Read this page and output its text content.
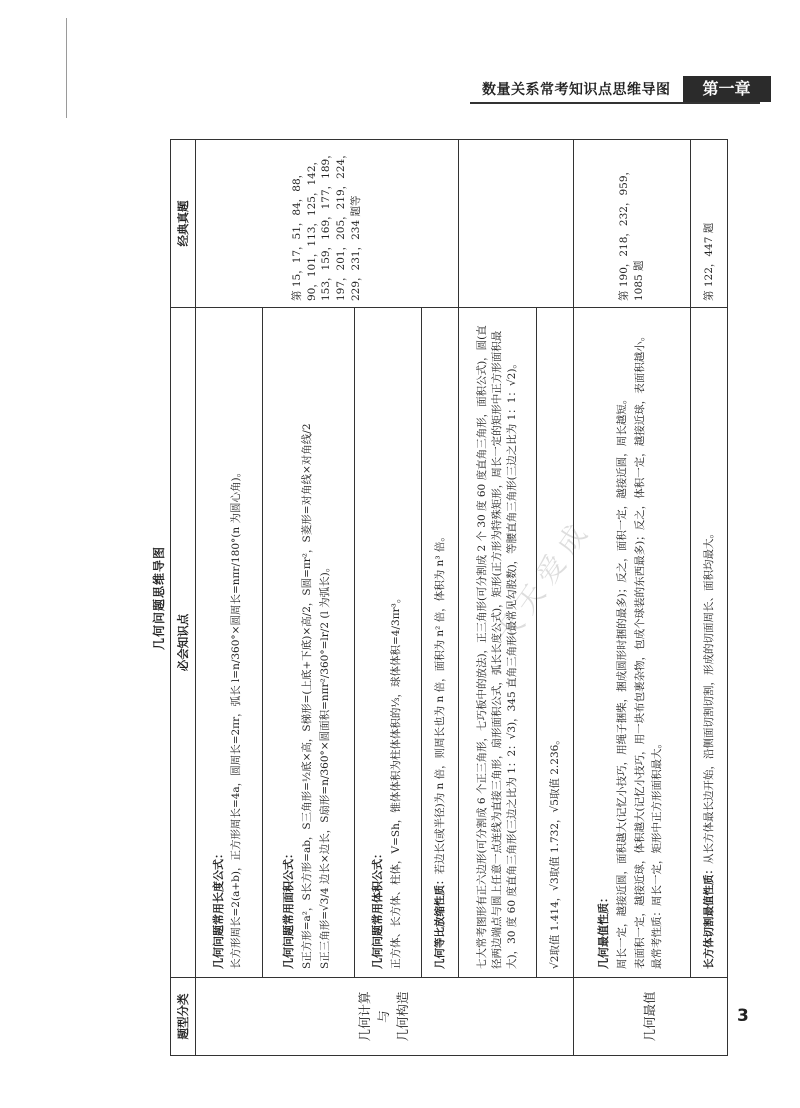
数量关系常考知识点思维导图	第一章
天天爱成
几何问题思维导图
题型分类	必会知识点	经典真题
几何计算 与 几何构造	几何问题常用长度公式： 长方形周长=2(a+b)，正方形周长=4a，圆周长=2πr，弧长 l=n/360°×圆周长=nπr/180°(n 为圆心角)。	第 15，17，51，84，88，90，101，113，125，142，153，159，169，177，189，197，201，205，219，224，229，231，234 题等

	几何问题常用面积公式： S正方形=a²，S长方形=ab，S三角形=½底×高，S梯形=(上底+下底)×高/2，S圆=πr²，S菱形=对角线×对角线/2 S正三角形=√3/4 边长×边长，S扇形=n/360°×圆面积=nπr²/360°=lr/2 (l 为弧长)。	

	几何问题常用体积公式： 正方体、长方体、柱体，V=Sh，锥体体积为柱体体积的⅓，球体体积=4/3πr³。	

	几何等比放缩性质：若边长(或半径)为 n 倍，则周长也为 n 倍，面积为 n² 倍，体积为 n³ 倍。	
	七大常考图形有正六边形(可分割成 6 个正三角形，七巧板中的放法)，正三角形(可分割成 2 个 30 度 60 度直角三角形，面积公式)，圆(直径两边端点与圆上任意一点连线为直接三角形，扇形面积公式，弧长长度公式)，矩形(正方形为特殊矩形，周长一定的矩形中正方形面积最大)，30 度 60 度直角三角形(三边之比为 1：2：√3)，345 直角三角形(最常见勾股数)，等腰直角三角形(三边之比为 1：1：√2)。	
	√2取值 1.414，√3取值 1.732，√5取值 2.236。	
几何最值	几何最值性质： 周长一定，越接近圆，面积越大(记忆小技巧，用绳子捆柴，捆成圆形时捆的最多)；反之，面积一定，越接近圆，周长越短。 表面积一定，越接近球，体积越大(记忆小技巧，用一块布包裹杂物，包成个球装的东西最多)；反之，体积一定，越接近球，表面积越小。 最常考性质：周长一定，矩形中正方形面积最大。	第 190，218，232，959，1085 题
	长方体切割最值性质：从长方体最长边开始，沿侧面切割切割，形成的切面周长、面积均最大。	第 122，447 题
3
